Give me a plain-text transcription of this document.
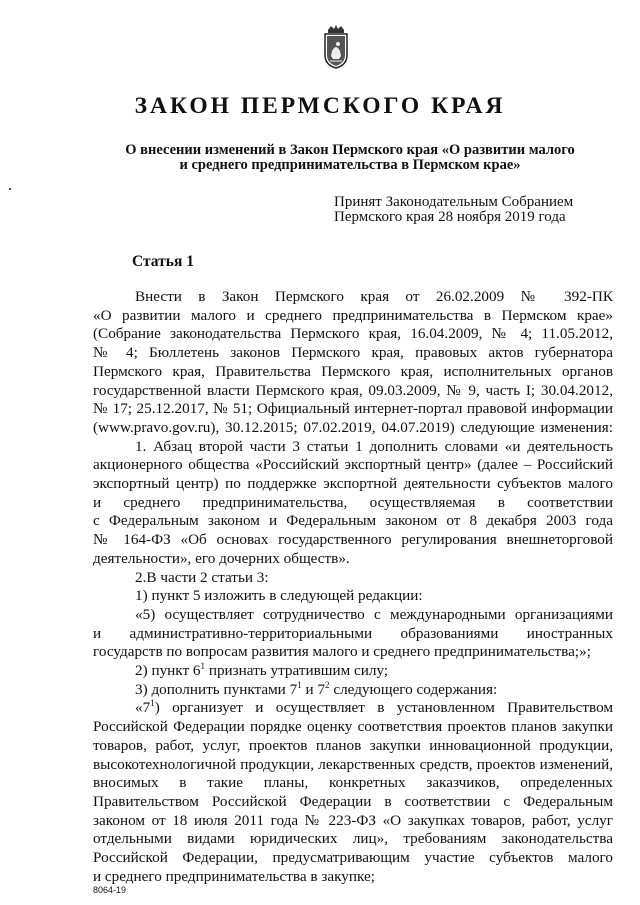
ЗАКОН ПЕРМСКОГО КРАЯ
О внесении изменений в Закон Пермского края «О развитии малого
и среднего предпринимательства в Пермском крае»
Принят Законодательным Собранием
Пермского края 28 ноября 2019 года
Статья 1

Внести в Закон Пермского края от 26.02.2009 № 392-ПК

«О развитии малого и среднего предпринимательства в Пермском крае»

(Собрание законодательства Пермского края, 16.04.2009, № 4; 11.05.2012,

№ 4; Бюллетень законов Пермского края, правовых актов губернатора

Пермского края, Правительства Пермского края, исполнительных органов

государственной власти Пермского края, 09.03.2009, № 9, часть I; 30.04.2012,

№ 17; 25.12.2017, № 51; Официальный интернет-портал правовой информации

(www.pravo.gov.ru), 30.12.2015; 07.02.2019, 04.07.2019) следующие изменения:

1. Абзац второй части 3 статьи 1 дополнить словами «и деятельность

акционерного общества «Российский экспортный центр» (далее – Российский

экспортный центр) по поддержке экспортной деятельности субъектов малого

и среднего предпринимательства, осуществляемая в соответствии

с Федеральным законом и Федеральным законом от 8 декабря 2003 года

№ 164-ФЗ «Об основах государственного регулирования внешнеторговой

деятельности», его дочерних обществ».

2.В части 2 статьи 3:

1) пункт 5 изложить в следующей редакции:

«5) осуществляет сотрудничество с международными организациями

и административно-территориальными образованиями иностранных

государств по вопросам развития малого и среднего предпринимательства;»;

2) пункт $6^1$ признать утратившим силу;

3) дополнить пунктами $7^1$ и $7^2$ следующего содержания:

«$7^1$) организует и осуществляет в установленном Правительством

Российской Федерации порядке оценку соответствия проектов планов закупки

товаров, работ, услуг, проектов планов закупки инновационной продукции,

высокотехнологичной продукции, лекарственных средств, проектов изменений,

вносимых в такие планы, конкретных заказчиков, определенных

Правительством Российской Федерации в соответствии с Федеральным

законом от 18 июля 2011 года № 223-ФЗ «О закупках товаров, работ, услуг

отдельными видами юридических лиц», требованиям законодательства

Российской Федерации, предусматривающим участие субъектов малого

и среднего предпринимательства в закупке;

8064-19
